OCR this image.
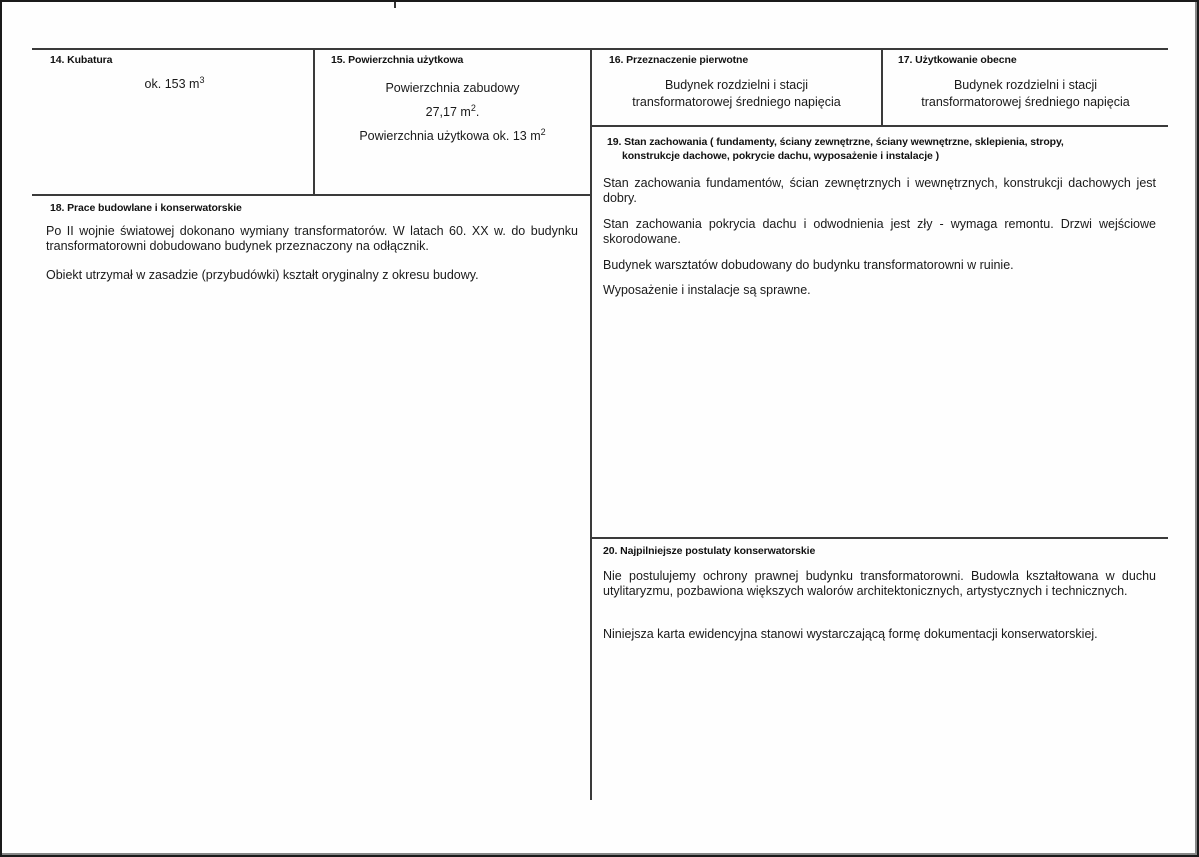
14. Kubatura
ok. 153 $m^3$
15. Powierzchnia użytkowa
Powierzchnia zabudowy
27,17 $m^2$.
Powierzchnia użytkowa ok. 13 $m^2$
16. Przeznaczenie pierwotne
Budynek rozdzielni i stacji
transformatorowej średniego napięcia
17. Użytkowanie obecne
Budynek rozdzielni i stacji
transformatorowej średniego napięcia
18. Prace budowlane i konserwatorskie
Po II wojnie światowej dokonano wymiany transformatorów. W latach 60. XX w. do budynku transformatorowni dobudowano budynek przeznaczony na odłącznik.
Obiekt utrzymał w zasadzie (przybudówki) kształt oryginalny z okresu budowy.
19. Stan zachowania ( fundamenty, ściany zewnętrzne, ściany wewnętrzne, sklepienia, stropy,
konstrukcje dachowe, pokrycie dachu, wyposażenie i instalacje )
Stan zachowania fundamentów, ścian zewnętrznych i wewnętrznych, konstrukcji dachowych jest dobry.
Stan zachowania pokrycia dachu i odwodnienia jest zły - wymaga remontu. Drzwi wejściowe skorodowane.
Budynek warsztatów dobudowany do budynku transformatorowni w ruinie.
Wyposażenie i instalacje są sprawne.
20. Najpilniejsze postulaty konserwatorskie
Nie postulujemy ochrony prawnej budynku transformatorowni. Budowla kształtowana w duchu utylitaryzmu, pozbawiona większych walorów architektonicznych, artystycznych i technicznych.
Niniejsza karta ewidencyjna stanowi wystarczającą formę dokumentacji konserwatorskiej.
